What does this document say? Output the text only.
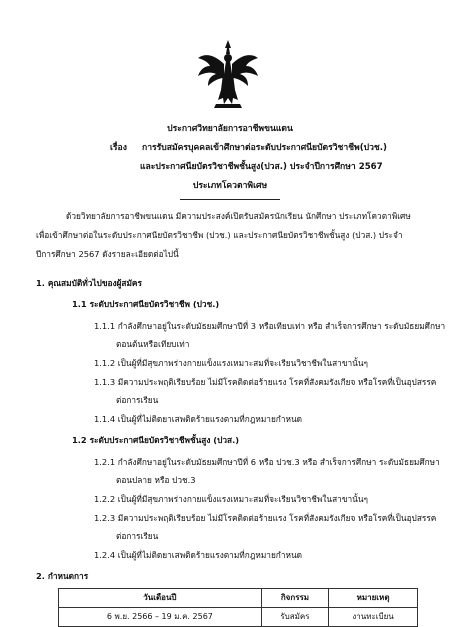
ประกาศวิทยาลัยการอาชีพขนแดน
เรื่อง การรับสมัครบุคคลเข้าศึกษาต่อระดับประกาศนียบัตรวิชาชีพ(ปวช.)
และประกาศนียบัตรวิชาชีพชั้นสูง(ปวส.) ประจำปีการศึกษา 2567
ประเภทโควตาพิเศษ
ด้วยวิทยาลัยการอาชีพขนแดน มีความประสงค์เปิดรับสมัครนักเรียน นักศึกษา ประเภทโควตาพิเศษ
เพื่อเข้าศึกษาต่อในระดับประกาศนียบัตรวิชาชีพ (ปวช.) และประกาศนียบัตรวิชาชีพชั้นสูง (ปวส.) ประจำ
ปีการศึกษา 2567 ดังรายละเอียดต่อไปนี้
1. คุณสมบัติทั่วไปของผู้สมัคร
1.1 ระดับประกาศนียบัตรวิชาชีพ (ปวช.)
1.1.1 กำลังศึกษาอยู่ในระดับมัธยมศึกษาปีที่ 3 หรือเทียบเท่า หรือ สำเร็จการศึกษา ระดับมัธยมศึกษา
ตอนต้นหรือเทียบเท่า
1.1.2 เป็นผู้ที่มีสุขภาพร่างกายแข็งแรงเหมาะสมที่จะเรียนวิชาชีพในสาขานั้นๆ
1.1.3 มีความประพฤติเรียบร้อย ไม่มีโรคติดต่อร้ายแรง โรคที่สังคมรังเกียจ หรือโรคที่เป็นอุปสรรค
ต่อการเรียน
1.1.4 เป็นผู้ที่ไม่ติดยาเสพติดร้ายแรงตามที่กฎหมายกำหนด
1.2 ระดับประกาศนียบัตรวิชาชีพชั้นสูง (ปวส.)
1.2.1 กำลังศึกษาอยู่ในระดับมัธยมศึกษาปีที่ 6 หรือ ปวช.3 หรือ สำเร็จการศึกษา ระดับมัธยมศึกษา
ตอนปลาย หรือ ปวช.3
1.2.2 เป็นผู้ที่มีสุขภาพร่างกายแข็งแรงเหมาะสมที่จะเรียนวิชาชีพในสาขานั้นๆ
1.2.3 มีความประพฤติเรียบร้อย ไม่มีโรคติดต่อร้ายแรง โรคที่สังคมรังเกียจ หรือโรคที่เป็นอุปสรรค
ต่อการเรียน
1.2.4 เป็นผู้ที่ไม่ติดยาเสพติดร้ายแรงตามที่กฎหมายกำหนด
2. กำหนดการ
วันเดือนปี	กิจกรรม	หมายเหตุ
6 พ.ย. 2566 – 19 ม.ค. 2567	รับสมัคร	งานทะเบียน
